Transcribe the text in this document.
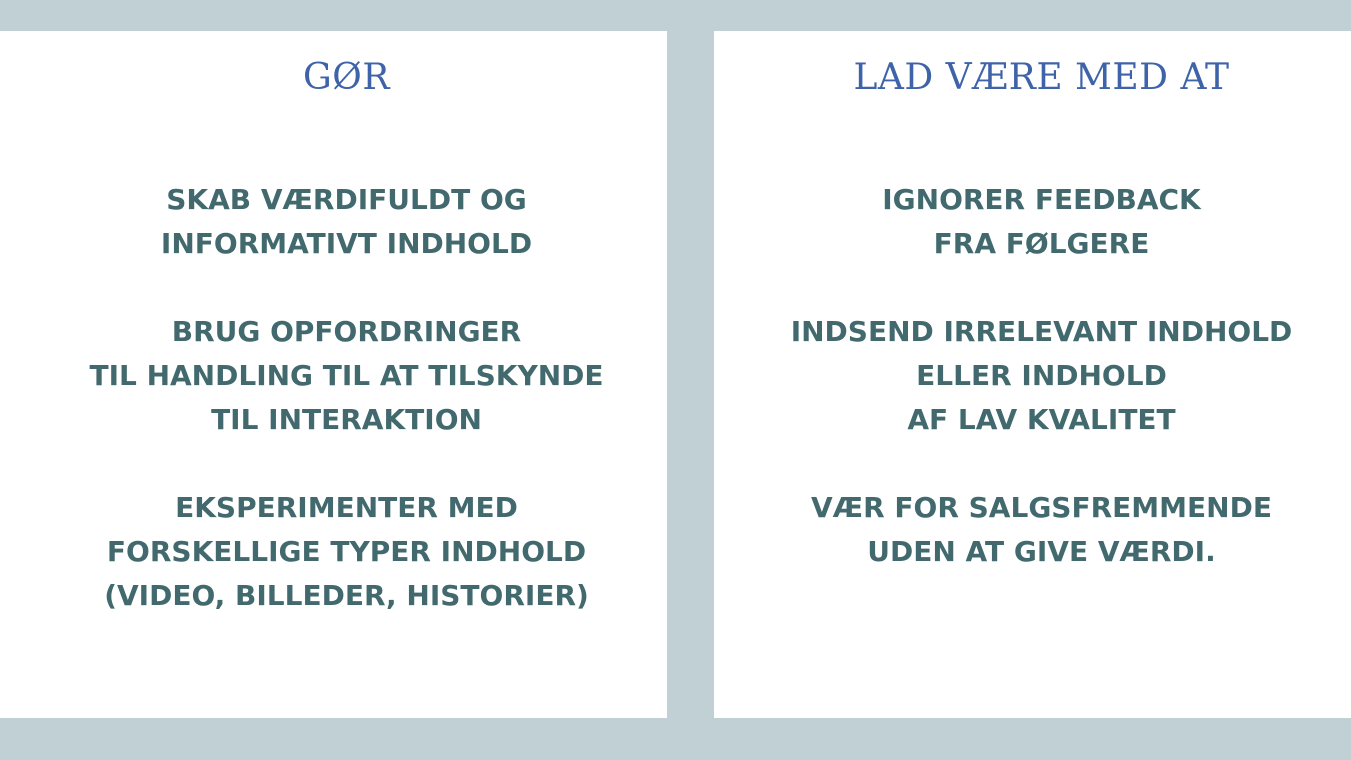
GØR
SKAB VÆRDIFULDT OG
INFORMATIVT INDHOLD
BRUG OPFORDRINGER
TIL HANDLING TIL AT TILSKYNDE
TIL INTERAKTION
EKSPERIMENTER MED
FORSKELLIGE TYPER INDHOLD
(VIDEO, BILLEDER, HISTORIER)
LAD VÆRE MED AT
IGNORER FEEDBACK
FRA FØLGERE
INDSEND IRRELEVANT INDHOLD
ELLER INDHOLD
AF LAV KVALITET
VÆR FOR SALGSFREMMENDE
UDEN AT GIVE VÆRDI.
